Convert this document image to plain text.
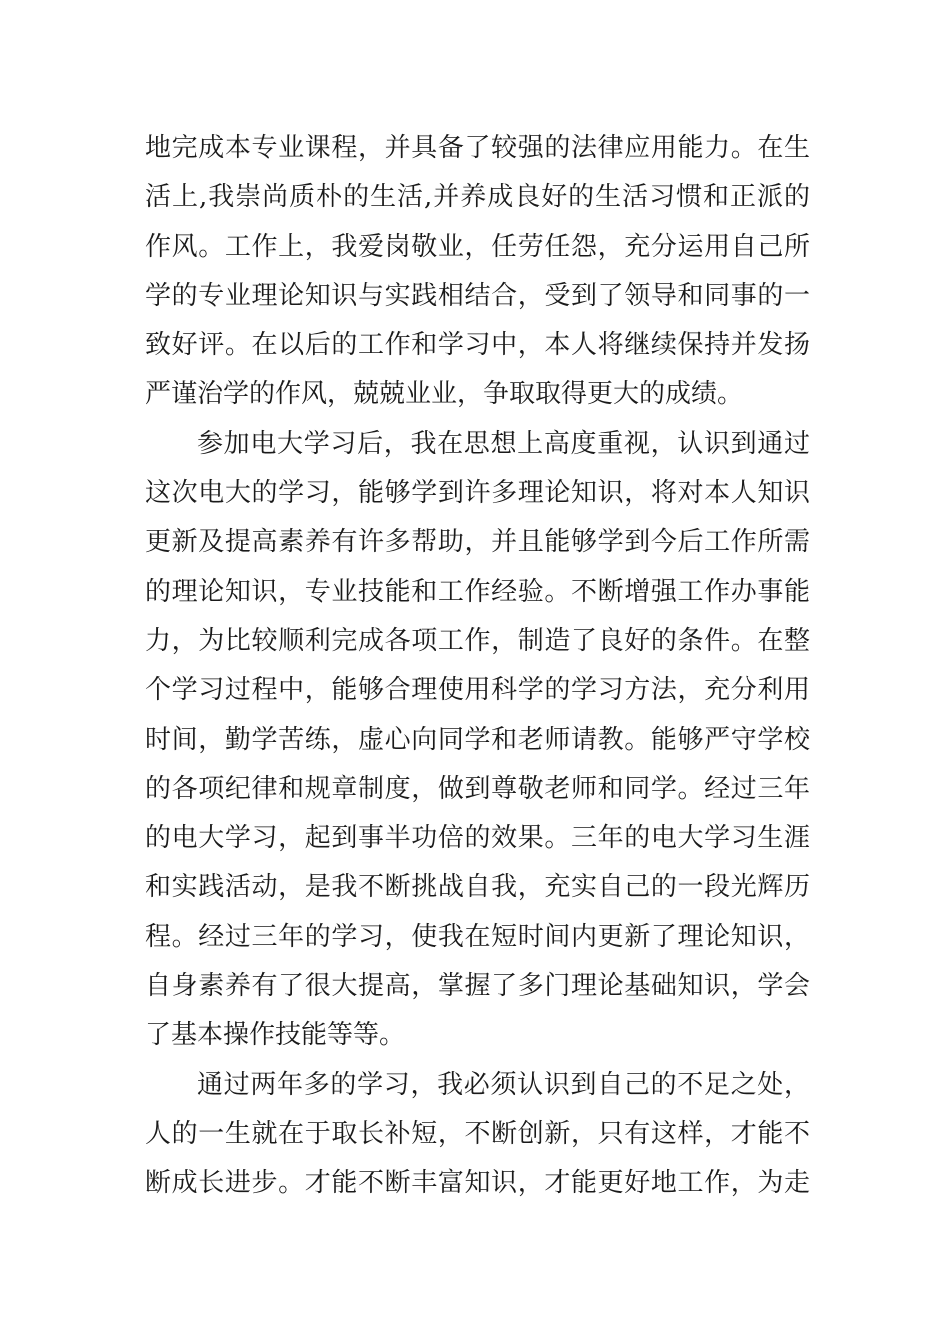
地完成本专业课程，并具备了较强的法律应用能力。在生
活上,我崇尚质朴的生活,并养成良好的生活习惯和正派的
作风。工作上，我爱岗敬业，任劳任怨，充分运用自己所
学的专业理论知识与实践相结合，受到了领导和同事的一
致好评。在以后的工作和学习中，本人将继续保持并发扬
严谨治学的作风，兢兢业业，争取取得更大的成绩。
参加电大学习后，我在思想上高度重视，认识到通过
这次电大的学习，能够学到许多理论知识，将对本人知识
更新及提高素养有许多帮助，并且能够学到今后工作所需
的理论知识，专业技能和工作经验。不断增强工作办事能
力，为比较顺利完成各项工作，制造了良好的条件。在整
个学习过程中，能够合理使用科学的学习方法，充分利用
时间，勤学苦练，虚心向同学和老师请教。能够严守学校
的各项纪律和规章制度，做到尊敬老师和同学。经过三年
的电大学习，起到事半功倍的效果。三年的电大学习生涯
和实践活动，是我不断挑战自我，充实自己的一段光辉历
程。经过三年的学习，使我在短时间内更新了理论知识，
自身素养有了很大提高，掌握了多门理论基础知识，学会
了基本操作技能等等。
通过两年多的学习，我必须认识到自己的不足之处，
人的一生就在于取长补短，不断创新，只有这样，才能不
断成长进步。才能不断丰富知识，才能更好地工作，为走
